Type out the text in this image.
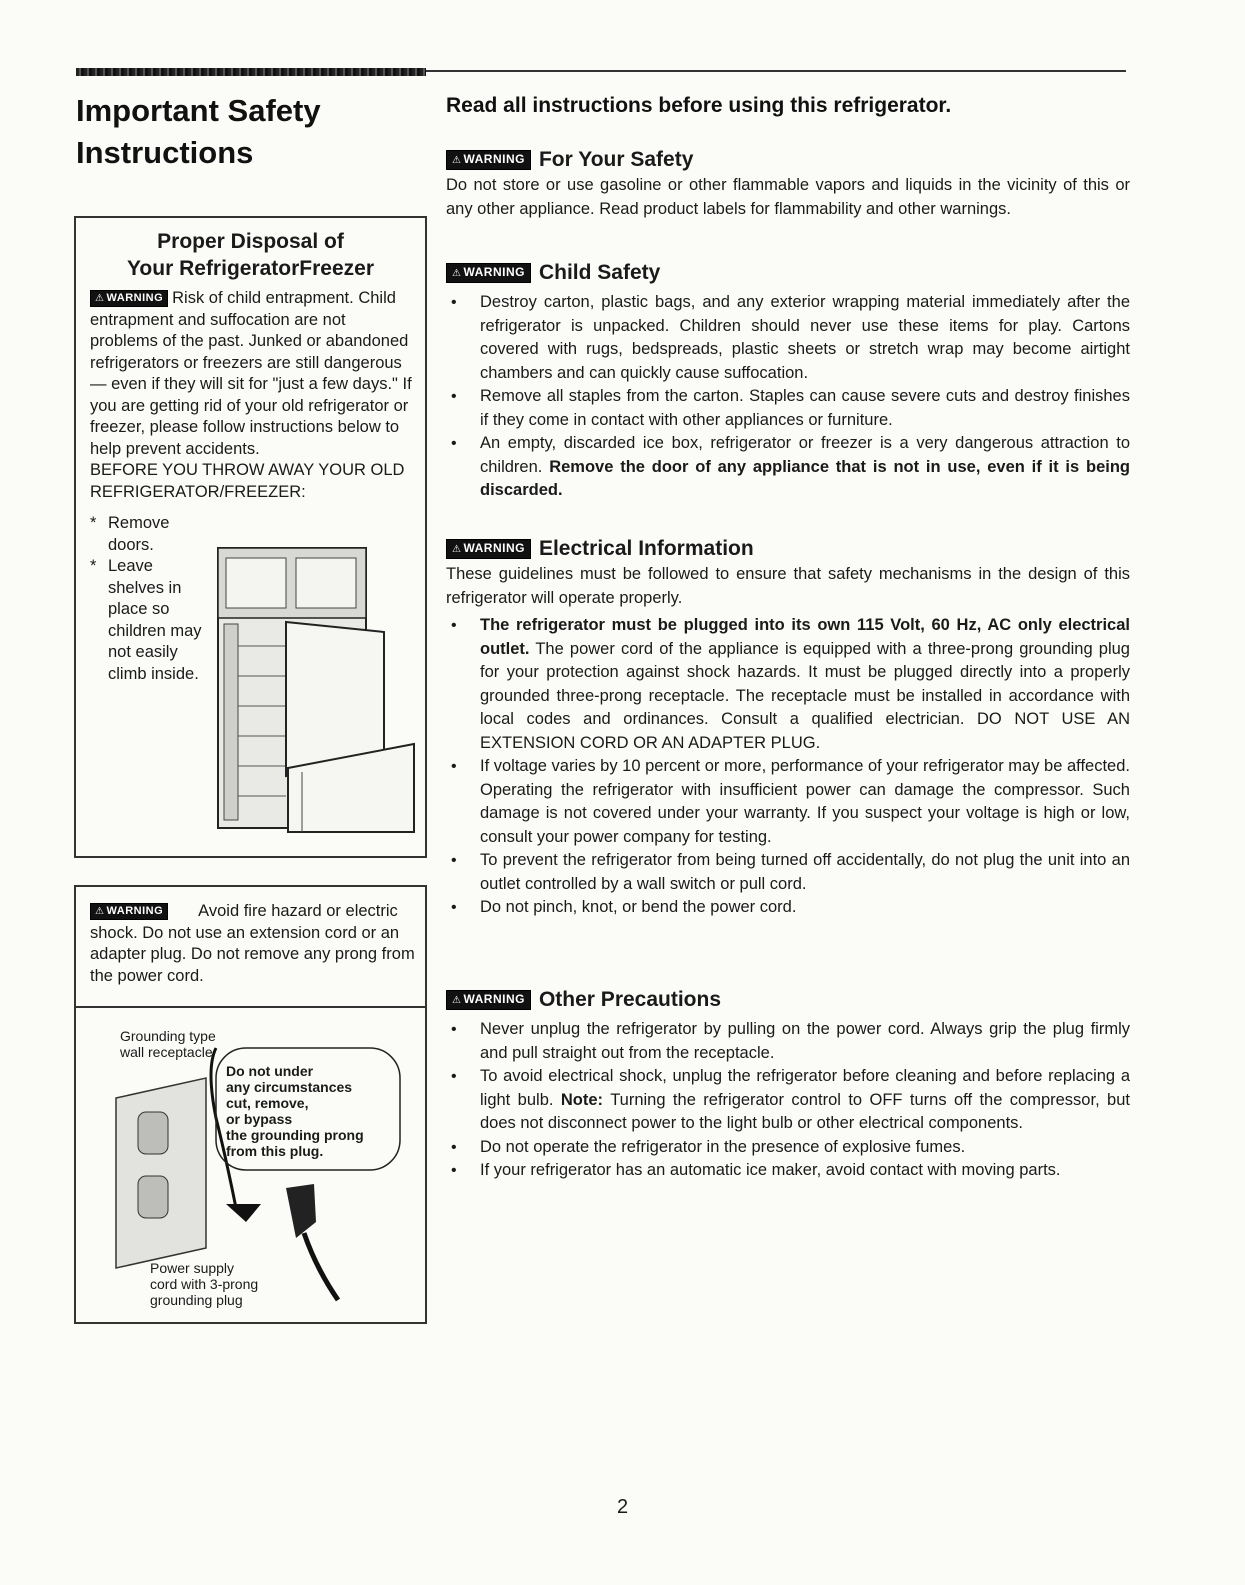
Important Safety
Instructions

Read all instructions before using this refrigerator.

Proper Disposal of
Your RefrigeratorFreezer

⚠ WARNING Risk of child entrapment. Child entrapment and suffocation are not problems of the past. Junked or abandoned refrigerators or freezers are still dangerous — even if they will sit for "just a few days." If you are getting rid of your old refrigerator or freezer, please follow instructions below to help prevent accidents.

BEFORE YOU THROW AWAY YOUR OLD REFRIGERATOR/FREEZER:

* Remove doors.
* Leave shelves in place so children may not easily climb inside.

⚠ WARNING Avoid fire hazard or electric shock. Do not use an extension cord or an adapter plug. Do not remove any prong from the power cord.

Grounding type
wall receptacle

Do not under
any circumstances
cut, remove,
or bypass
the grounding prong
from this plug.

Power supply
cord with 3-prong
grounding plug

⚠ WARNING For Your Safety

Do not store or use gasoline or other flammable vapors and liquids in the vicinity of this or any other appliance. Read product labels for flammability and other warnings.

⚠ WARNING Child Safety
• Destroy carton, plastic bags, and any exterior wrapping material immediately after the refrigerator is unpacked. Children should never use these items for play. Cartons covered with rugs, bedspreads, plastic sheets or stretch wrap may become airtight chambers and can quickly cause suffocation.
• Remove all staples from the carton. Staples can cause severe cuts and destroy finishes if they come in contact with other appliances or furniture.
• An empty, discarded ice box, refrigerator or freezer is a very dangerous attraction to children. Remove the door of any appliance that is not in use, even if it is being discarded.
⚠ WARNING Electrical Information

These guidelines must be followed to ensure that safety mechanisms in the design of this refrigerator will operate properly.

• The refrigerator must be plugged into its own 115 Volt, 60 Hz, AC only electrical outlet. The power cord of the appliance is equipped with a three-prong grounding plug for your protection against shock hazards. It must be plugged directly into a properly grounded three-prong receptacle. The receptacle must be installed in accordance with local codes and ordinances. Consult a qualified electrician. DO NOT USE AN EXTENSION CORD OR AN ADAPTER PLUG.
• If voltage varies by 10 percent or more, performance of your refrigerator may be affected. Operating the refrigerator with insufficient power can damage the compressor. Such damage is not covered under your warranty. If you suspect your voltage is high or low, consult your power company for testing.
• To prevent the refrigerator from being turned off accidentally, do not plug the unit into an outlet controlled by a wall switch or pull cord.
• Do not pinch, knot, or bend the power cord.
⚠ WARNING Other Precautions
• Never unplug the refrigerator by pulling on the power cord. Always grip the plug firmly and pull straight out from the receptacle.
• To avoid electrical shock, unplug the refrigerator before cleaning and before replacing a light bulb. Note: Turning the refrigerator control to OFF turns off the compressor, but does not disconnect power to the light bulb or other electrical components.
• Do not operate the refrigerator in the presence of explosive fumes.
• If your refrigerator has an automatic ice maker, avoid contact with moving parts.
2
